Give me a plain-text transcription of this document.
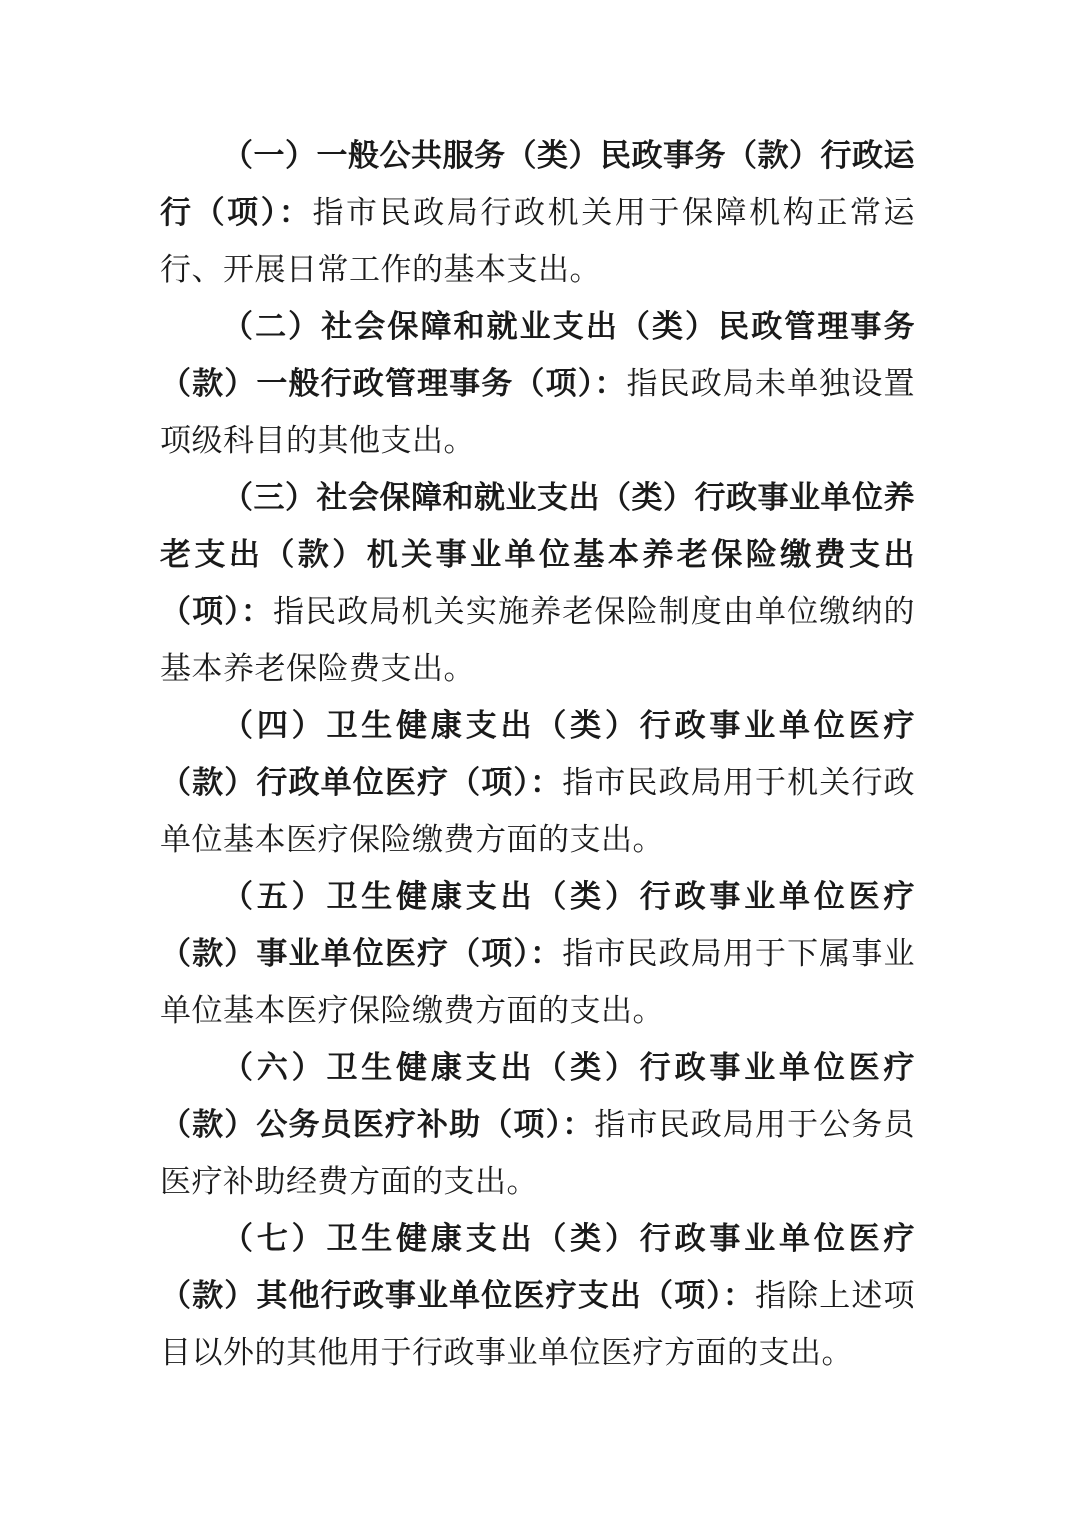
（一）一般公共服务（类）民政事务（款）行政运行（项）：指市民政局行政机关用于保障机构正常运行、开展日常工作的基本支出。

（二）社会保障和就业支出（类）民政管理事务（款）一般行政管理事务（项）：指民政局未单独设置项级科目的其他支出。

（三）社会保障和就业支出（类）行政事业单位养老支出（款）机关事业单位基本养老保险缴费支出（项）：指民政局机关实施养老保险制度由单位缴纳的基本养老保险费支出。

（四）卫生健康支出（类）行政事业单位医疗（款）行政单位医疗（项）：指市民政局用于机关行政单位基本医疗保险缴费方面的支出。

（五）卫生健康支出（类）行政事业单位医疗（款）事业单位医疗（项）：指市民政局用于下属事业单位基本医疗保险缴费方面的支出。

（六）卫生健康支出（类）行政事业单位医疗（款）公务员医疗补助（项）：指市民政局用于公务员医疗补助经费方面的支出。

（七）卫生健康支出（类）行政事业单位医疗（款）其他行政事业单位医疗支出（项）：指除上述项目以外的其他用于行政事业单位医疗方面的支出。
